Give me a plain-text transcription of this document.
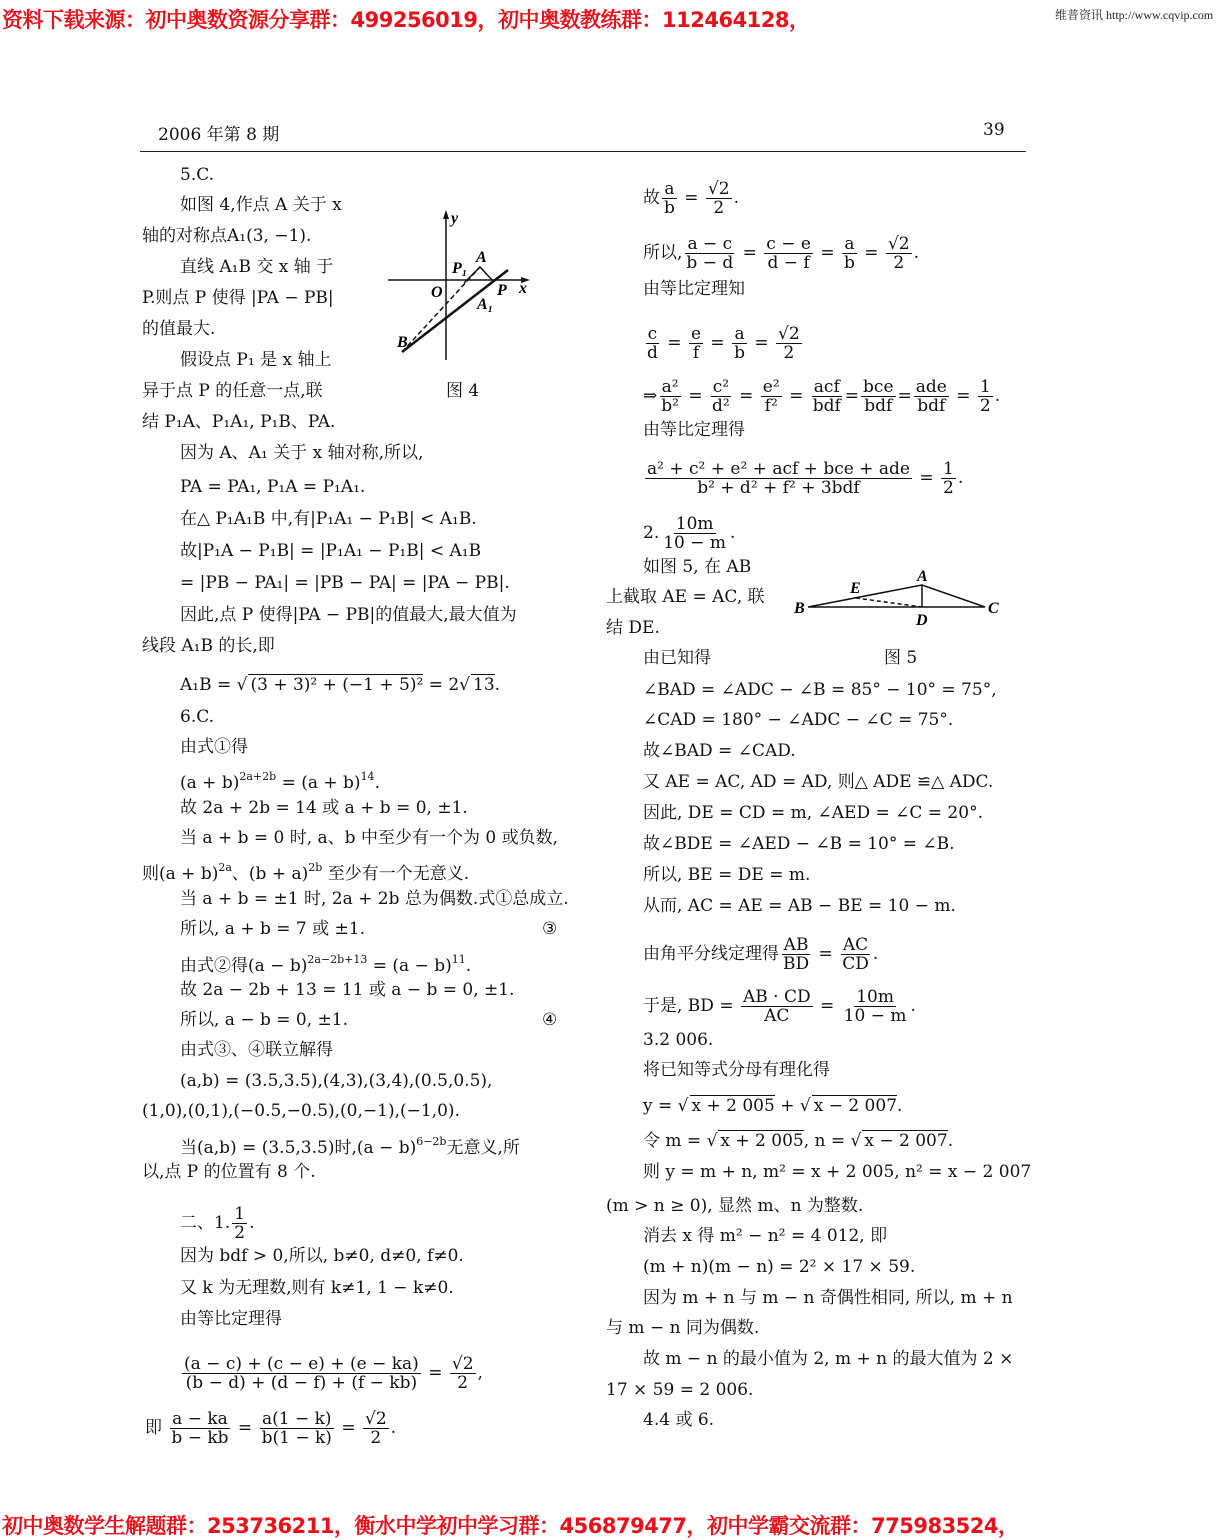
资料下载来源：初中奥数资源分享群：499256019，初中奥数教练群：112464128，	维普资讯 http://www.cqvip.com
2006 年第 8 期	39
5.C.
如图 4,作点 A 关于 x
轴的对称点A₁(3, −1).
直线 A₁B 交 x 轴 于
P.则点 P 使得 |PA − PB|
的值最大.
假设点 P₁ 是 x 轴上
异于点 P 的任意一点,联
结 P₁A、P₁A₁, P₁B、PA.
因为 A、A₁ 关于 x 轴对称,所以,
PA = PA₁, P₁A = P₁A₁.
在△ P₁A₁B 中,有|P₁A₁ − P₁B| < A₁B.
故|P₁A − P₁B| = |P₁A₁ − P₁B| < A₁B
= |PB − PA₁| = |PB − PA| = |PA − PB|.
因此,点 P 使得|PA − PB|的值最大,最大值为
线段 A₁B 的长,即
A₁B = √ (3 + 3)² + (−1 + 5)² = 2√ 13.
6.C.
由式①得
$(a + b)^{2a+2b} = (a + b)^{14}$.
故 2a + 2b = 14 或 a + b = 0, ±1.
当 a + b = 0 时, a、b 中至少有一个为 0 或负数,
则$(a + b)^{2a}$、$(b + a)^{2b}$ 至少有一个无意义.
当 a + b = ±1 时, 2a + 2b 总为偶数.式①总成立.
所以, a + b = 7 或 ±1.	③
由式②得$(a - b)^{2a-2b+13} = (a - b)^{11}$.
故 2a − 2b + 13 = 11 或 a − b = 0, ±1.
所以, a − b = 0, ±1.	④
由式③、④联立解得
(a,b) = (3.5,3.5),(4,3),(3,4),(0.5,0.5),
(1,0),(0,1),(−0.5,−0.5),(0,−1),(−1,0).
当(a,b) = (3.5,3.5)时$,(a - b)^{6-2b}$无意义,所
以,点 P 的位置有 8 个.
二、1. $\frac{1}{2}$ .
因为 bdf > 0,所以, b≠0, d≠0, f≠0.
又 k 为无理数,则有 k≠1, 1 − k≠0.
由等比定理得
$\frac{(a - c) + (c - e) + (e - ka)}{(b - d) + (d - f) + (f - kb)} = \frac{√2}{2}$ ,
即 $\frac{a - ka}{b - kb} = \frac{a(1 - k)}{b(1 - k)} = \frac{√2}{2}$ .
故 $\frac{a}{b} = \frac{√2}{2}$ .
所以, $\frac{a - c}{b - d} = \frac{c - e}{d - f} = \frac{a}{b} = \frac{√2}{2}$ .
由等比定理知
$\frac{c}{d} = \frac{e}{f} = \frac{a}{b} = \frac{√2}{2}$
⇒ $\frac{\text{a²}}{\text{b²}} = \frac{\text{c²}}{\text{d²}} = \frac{\text{e²}}{\text{f²}} = \frac{\text{acf}}{\text{bdf}} = \frac{\text{bce}}{\text{bdf}} = \frac{\text{ade}}{\text{bdf}} = \frac{1}{2}$ .
由等比定理得
$\frac{\text{a² + c² + e² + acf + bce + ade}}{\text{b² + d² + f² + 3bdf}} = \frac{1}{2}$ .
2. $\frac{10m}{10 - m}$ .
如图 5, 在 AB
上截取 AE = AC, 联
结 DE.
由已知得
∠BAD = ∠ADC − ∠B = 85° − 10° = 75°,
∠CAD = 180° − ∠ADC − ∠C = 75°.
故∠BAD = ∠CAD.
又 AE = AC, AD = AD, 则△ ADE ≌△ ADC.
因此, DE = CD = m, ∠AED = ∠C = 20°.
故∠BDE = ∠AED − ∠B = 10° = ∠B.
所以, BE = DE = m.
从而, AC = AE = AB − BE = 10 − m.
由角平分线定理得 $\frac{AB}{BD} = \frac{AC}{CD}$ .
于是, BD = $\frac{AB \cdot CD}{AC} = \frac{10m}{10 - m}$ .
3.2 006.
将已知等式分母有理化得
y = √ x + 2 005 + √ x − 2 007.
令 m = √ x + 2 005, n = √ x − 2 007.
则 y = m + n, m² = x + 2 005, n² = x − 2 007
(m > n ≥ 0), 显然 m、n 为整数.
消去 x 得 m² − n² = 4 012, 即
(m + n)(m − n) = 2² × 17 × 59.
因为 m + n 与 m − n 奇偶性相同, 所以, m + n
与 m − n 同为偶数.
故 m − n 的最小值为 2, m + n 的最大值为 2 ×
17 × 59 = 2 006.
4.4 或 6.
y
x
O
P₁
A
P
A₁
B
图 4
A
E
B	C
D
图 5
初中奥数学生解题群：253736211，衡水中学初中学习群：456879477，初中学霸交流群：775983524，
